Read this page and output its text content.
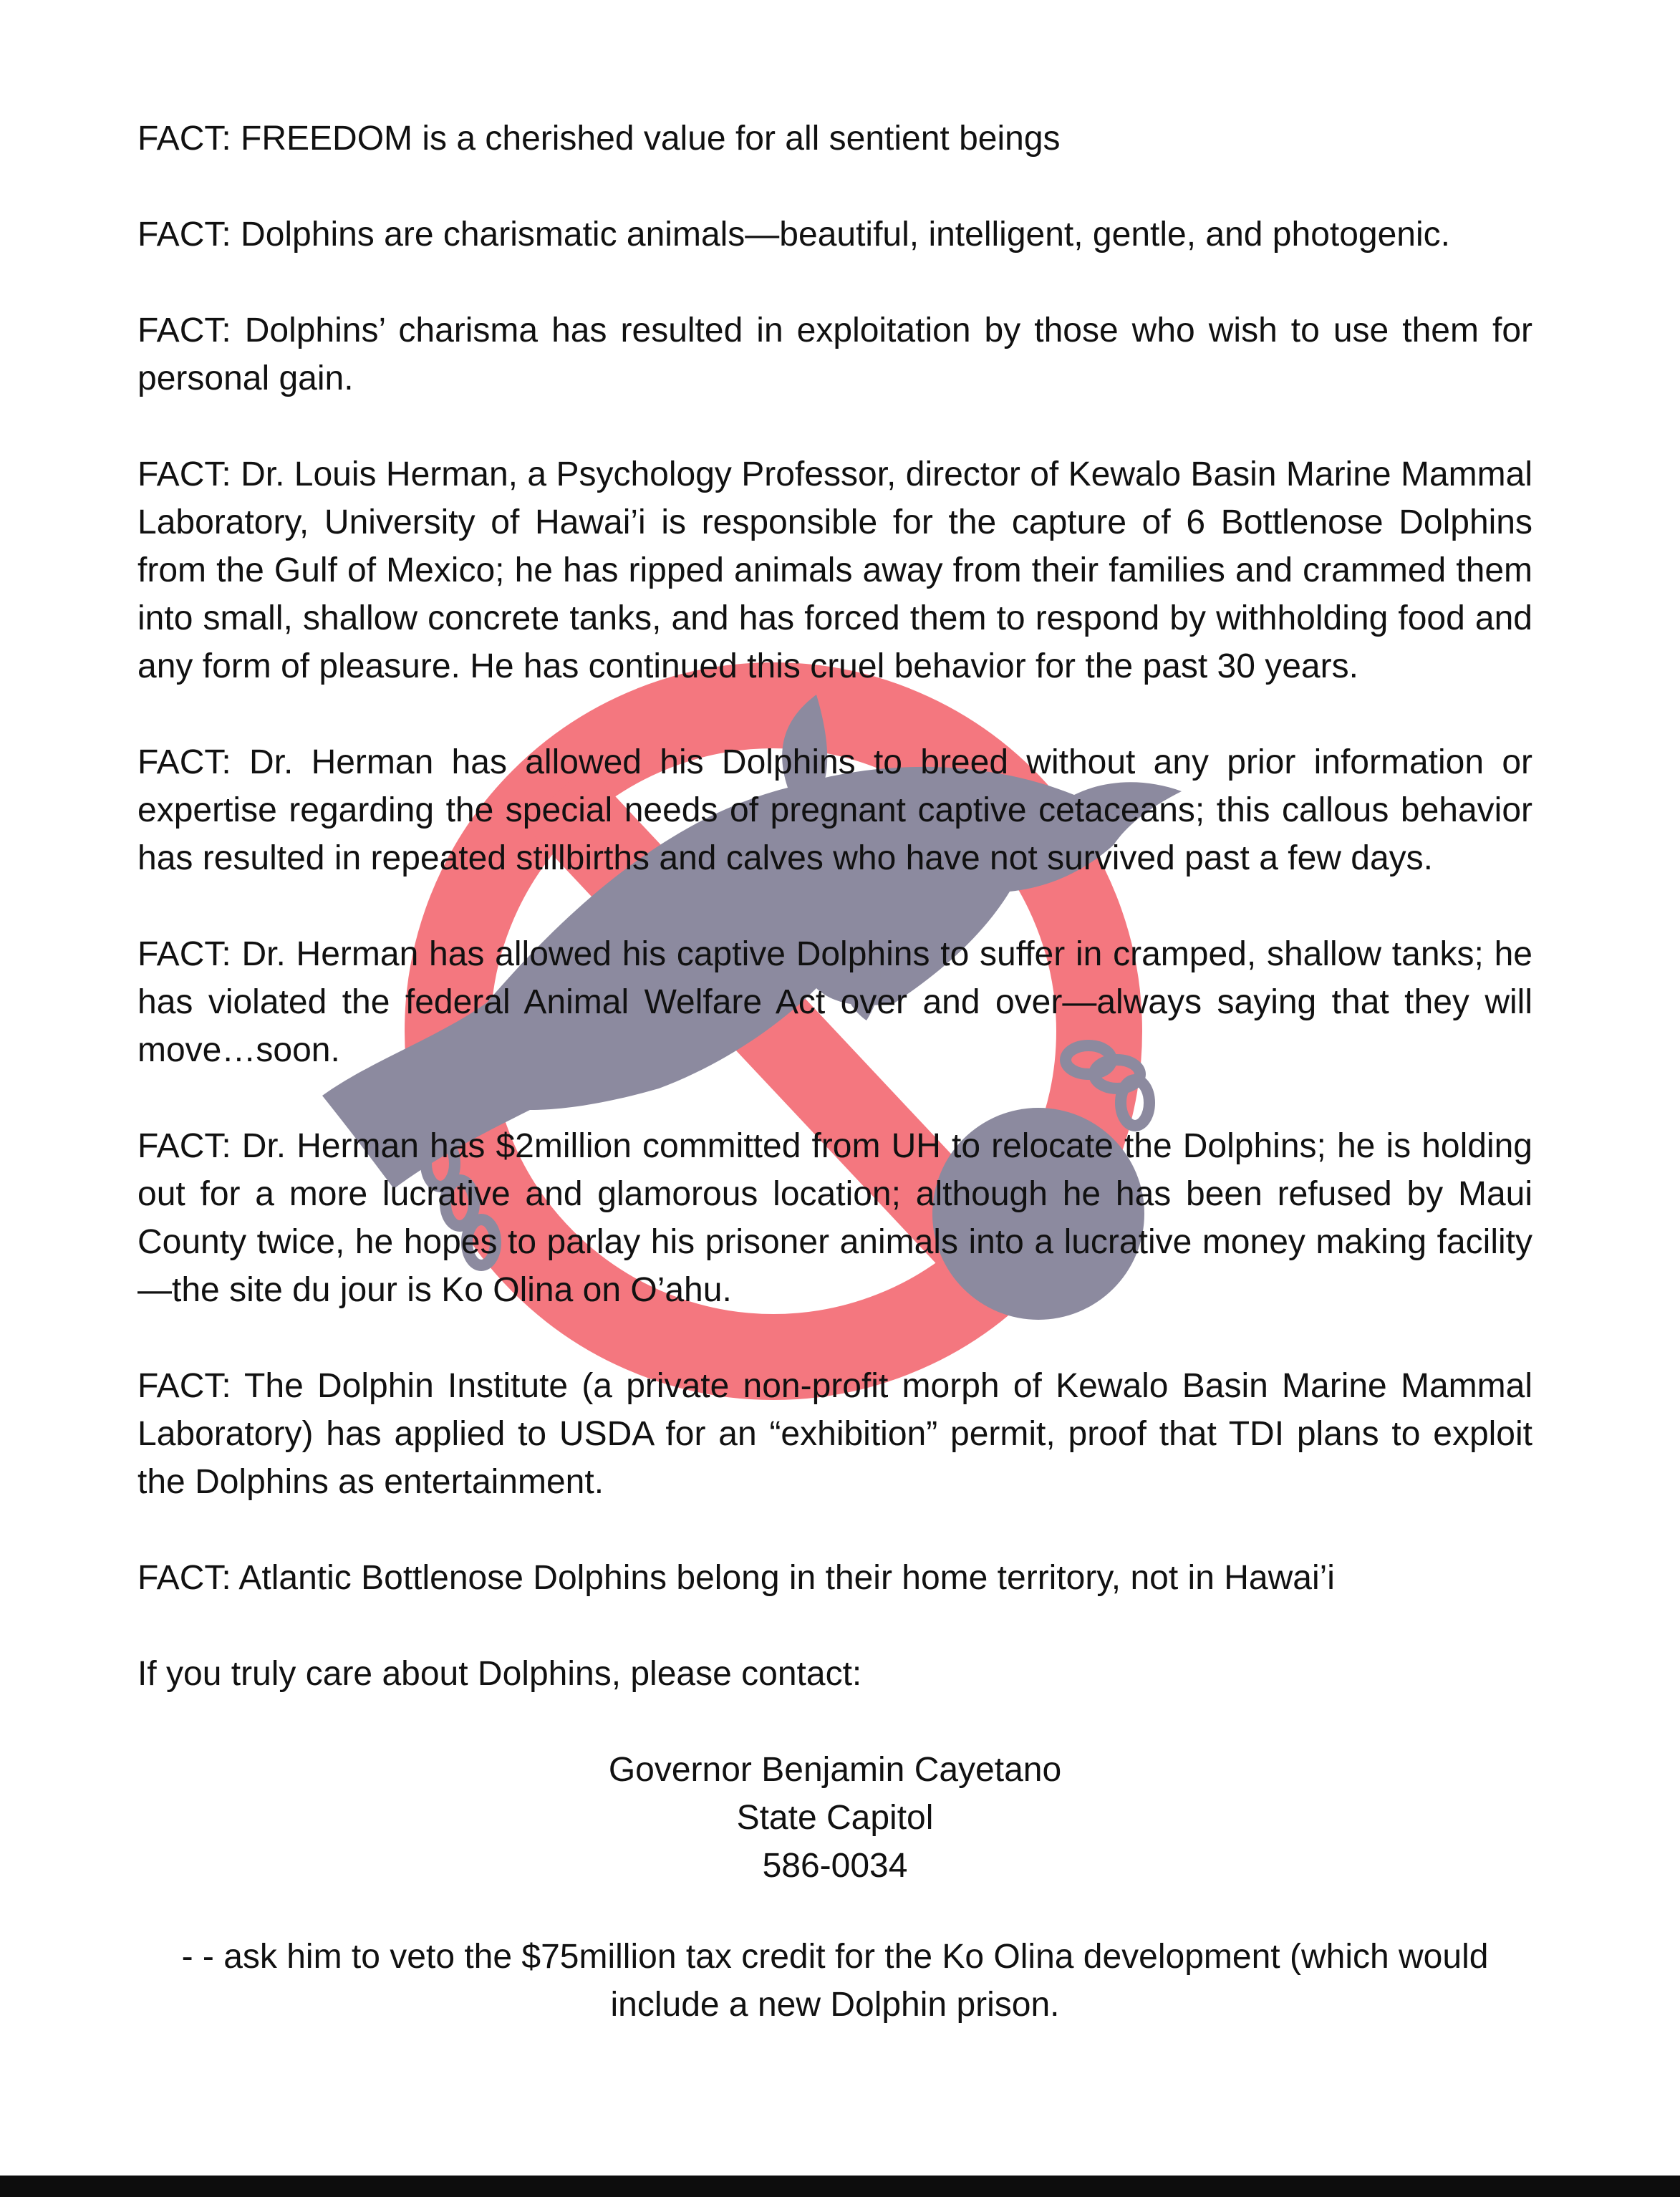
FACT: FREEDOM is a cherished value for all sentient beings

FACT: Dolphins are charismatic animals—beautiful, intelligent, gentle, and photogenic.

FACT: Dolphins’ charisma has resulted in exploitation by those who wish to use them for personal gain.

FACT: Dr. Louis Herman, a Psychology Professor, director of Kewalo Basin Marine Mammal Laboratory, University of Hawai’i is responsible for the capture of 6 Bottlenose Dolphins from the Gulf of Mexico; he has ripped animals away from their families and crammed them into small, shallow concrete tanks, and has forced them to respond by withholding food and any form of pleasure. He has continued this cruel behavior for the past 30 years.

FACT: Dr. Herman has allowed his Dolphins to breed without any prior information or expertise regarding the special needs of pregnant captive cetaceans; this callous behavior has resulted in repeated stillbirths and calves who have not survived past a few days.

FACT: Dr. Herman has allowed his captive Dolphins to suffer in cramped, shallow tanks; he has violated the federal Animal Welfare Act over and over—always saying that they will move…soon.

FACT: Dr. Herman has $2million committed from UH to relocate the Dolphins; he is holding out for a more lucrative and glamorous location; although he has been refused by Maui County twice, he hopes to parlay his prisoner animals into a lucrative money making facility—the site du jour is Ko Olina on O’ahu.

FACT: The Dolphin Institute (a private non-profit morph of Kewalo Basin Marine Mammal Laboratory) has applied to USDA for an “exhibition” permit, proof that TDI plans to exploit the Dolphins as entertainment.

FACT: Atlantic Bottlenose Dolphins belong in their home territory, not in Hawai’i

If you truly care about Dolphins, please contact:

Governor Benjamin Cayetano
State Capitol
586-0034
- - ask him to veto the $75million tax credit for the Ko Olina development (which would
include a new Dolphin prison.
